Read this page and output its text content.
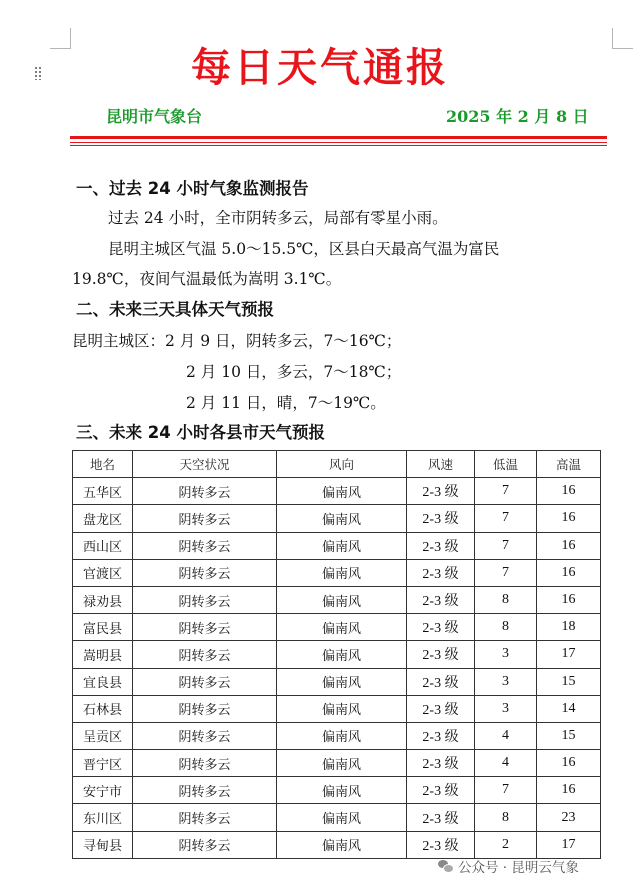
每日天气通报
昆明市气象台	2025 年 2 月 8 日
一、过去 24 小时气象监测报告
过去 24 小时，全市阴转多云，局部有零星小雨。
昆明主城区气温 5.0～15.5℃，区县白天最高气温为富民
19.8℃，夜间气温最低为嵩明 3.1℃。
二、未来三天具体天气预报
昆明主城区：2 月 9 日，阴转多云，7～16℃；
2 月 10 日，多云，7～18℃；
2 月 11 日，晴，7～19℃。
三、未来 24 小时各县市天气预报
地名	天空状况	风向	风速	低温	高温
五华区	阴转多云	偏南风	2-3 级	7	16
盘龙区	阴转多云	偏南风	2-3 级	7	16
西山区	阴转多云	偏南风	2-3 级	7	16
官渡区	阴转多云	偏南风	2-3 级	7	16
禄劝县	阴转多云	偏南风	2-3 级	8	16
富民县	阴转多云	偏南风	2-3 级	8	18
嵩明县	阴转多云	偏南风	2-3 级	3	17
宜良县	阴转多云	偏南风	2-3 级	3	15
石林县	阴转多云	偏南风	2-3 级	3	14
呈贡区	阴转多云	偏南风	2-3 级	4	15
晋宁区	阴转多云	偏南风	2-3 级	4	16
安宁市	阴转多云	偏南风	2-3 级	7	16
东川区	阴转多云	偏南风	2-3 级	8	23
寻甸县	阴转多云	偏南风	2-3 级	2	17
公众号 · 昆明云气象
